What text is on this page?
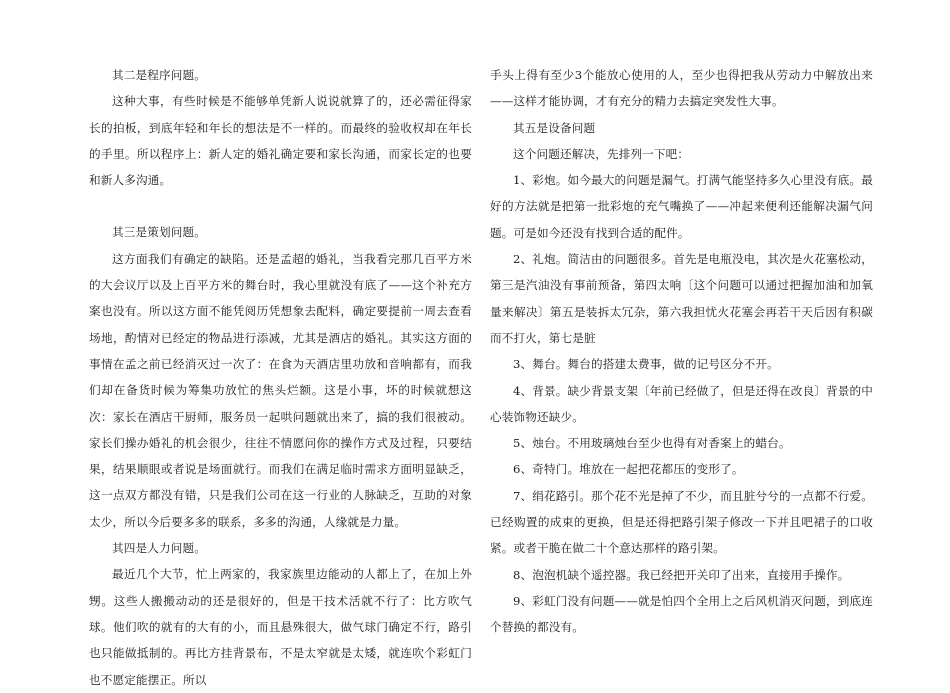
其二是程序问题。

这种大事，有些时候是不能够单凭新人说说就算了的，还必需征得家长的拍板，到底年轻和年长的想法是不一样的。而最终的验收权却在年长的手里。所以程序上：新人定的婚礼确定要和家长沟通，而家长定的也要和新人多沟通。

其三是策划问题。

这方面我们有确定的缺陷。还是孟超的婚礼，当我看完那几百平方米的大会议厅以及上百平方米的舞台时，我心里就没有底了——这个补充方案也没有。所以这方面不能凭阅历凭想象去配料，确定要提前一周去查看场地，酌情对已经定的物品进行添减，尤其是酒店的婚礼。其实这方面的事情在孟之前已经消灭过一次了：在食为天酒店里功放和音响都有，而我们却在备货时候为筹集功放忙的焦头烂额。这是小事，坏的时候就想这次：家长在酒店干厨师，服务员一起哄问题就出来了，搞的我们很被动。家长们操办婚礼的机会很少，往往不情愿问你的操作方式及过程，只要结果，结果顺眼或者说是场面就行。而我们在满足临时需求方面明显缺乏，这一点双方都没有错，只是我们公司在这一行业的人脉缺乏，互助的对象太少，所以今后要多多的联系，多多的沟通，人缘就是力量。

其四是人力问题。

最近几个大节，忙上两家的，我家族里边能动的人都上了，在加上外甥。这些人搬搬动动的还是很好的，但是干技术活就不行了：比方吹气球。他们吹的就有的大有的小，而且悬殊很大，做气球门确定不行，路引也只能做抵制的。再比方挂背景布，不是太窄就是太矮，就连吹个彩虹门也不愿定能摆正。所以

手头上得有至少3个能放心使用的人，至少也得把我从劳动力中解放出来——这样才能协调，才有充分的精力去搞定突发性大事。

其五是设备问题

这个问题还解决，先排列一下吧：

1、彩炮。如今最大的问题是漏气。打满气能坚持多久心里没有底。最好的方法就是把第一批彩炮的充气嘴换了——冲起来便利还能解决漏气问题。可是如今还没有找到合适的配件。

2、礼炮。简洁由的问题很多。首先是电瓶没电，其次是火花塞松动，第三是汽油没有事前预备，第四太响〔这个问题可以通过把握加油和加氧量来解决〕第五是装拆太冗杂，第六我担忧火花塞会再若干天后因有积碳而不打火，第七是脏

3、舞台。舞台的搭建太费事，做的记号区分不开。

4、背景。缺少背景支架〔年前已经做了，但是还得在改良〕背景的中心装饰物还缺少。

5、烛台。不用玻璃烛台至少也得有对香案上的蜡台。

6、奇特门。堆放在一起把花都压的变形了。

7、绢花路引。那个花不光是掉了不少，而且脏兮兮的一点都不行爱。已经购置的成束的更换，但是还得把路引架子修改一下并且吧裙子的口收紧。或者干脆在做二十个意达那样的路引架。

8、泡泡机缺个遥控器。我已经把开关印了出来，直接用手操作。

9、彩虹门没有问题——就是怕四个全用上之后风机消灭问题，到底连个替换的都没有。
